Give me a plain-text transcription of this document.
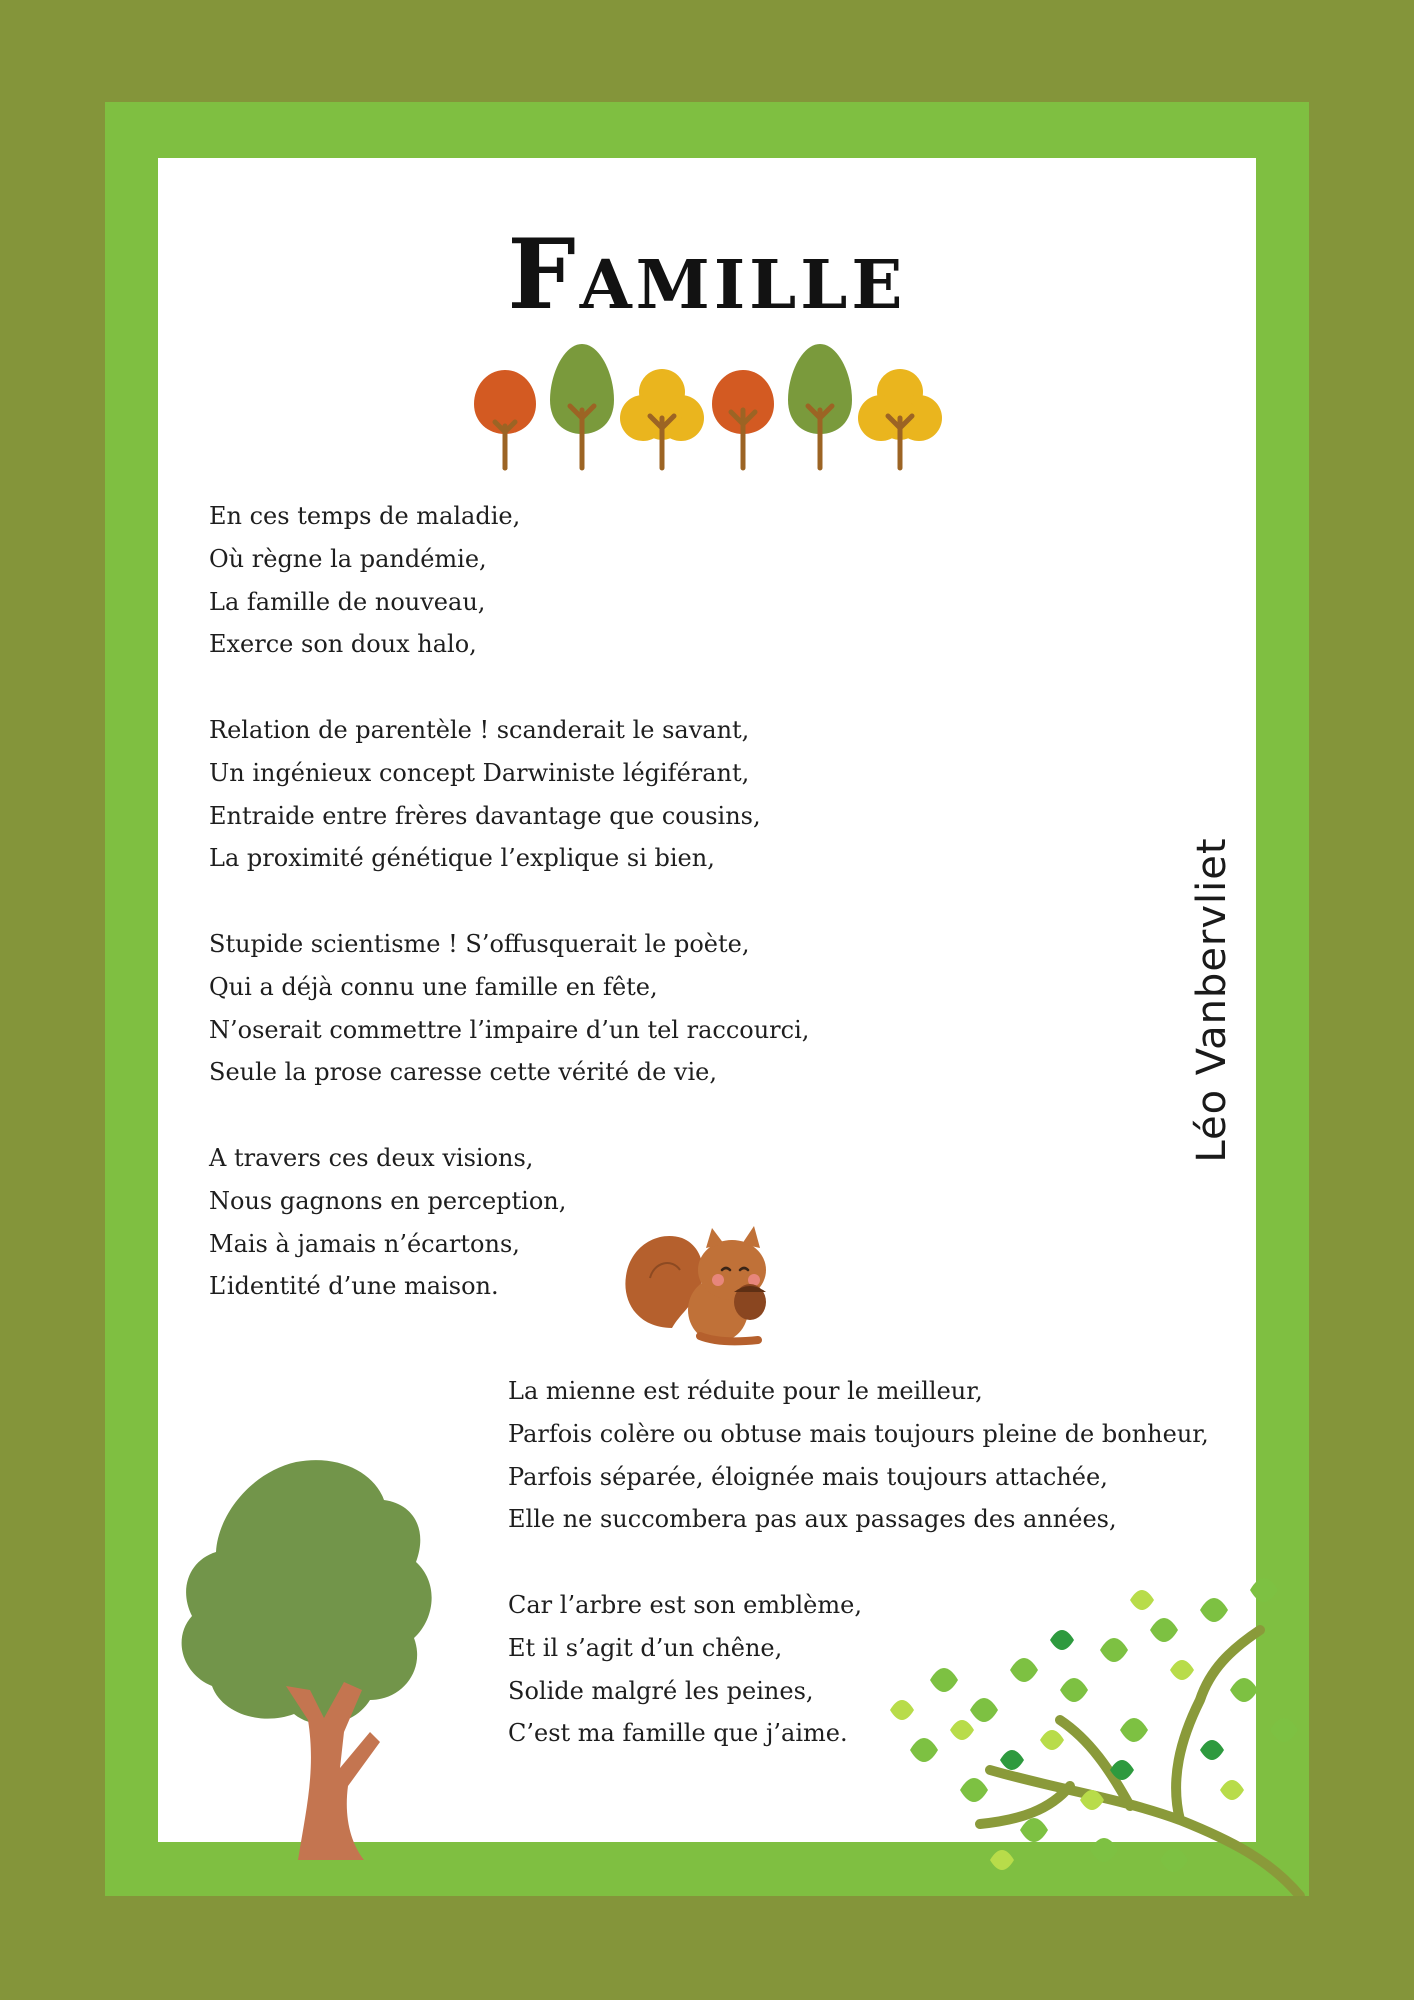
Famille
En ces temps de maladie,
Où règne la pandémie,
La famille de nouveau,
Exerce son doux halo,
Relation de parentèle ! scanderait le savant,
Un ingénieux concept Darwiniste légiférant,
Entraide entre frères davantage que cousins,
La proximité génétique l’explique si bien,
Stupide scientisme ! S’offusquerait le poète,
Qui a déjà connu une famille en fête,
N’oserait commettre l’impaire d’un tel raccourci,
Seule la prose caresse cette vérité de vie,
A travers ces deux visions,
Nous gagnons en perception,
Mais à jamais n’écartons,
L’identité d’une maison.
Léo Vanbervliet
La mienne est réduite pour le meilleur,
Parfois colère ou obtuse mais toujours pleine de bonheur,
Parfois séparée, éloignée mais toujours attachée,
Elle ne succombera pas aux passages des années,
Car l’arbre est son emblème,
Et il s’agit d’un chêne,
Solide malgré les peines,
C’est ma famille que j’aime.
